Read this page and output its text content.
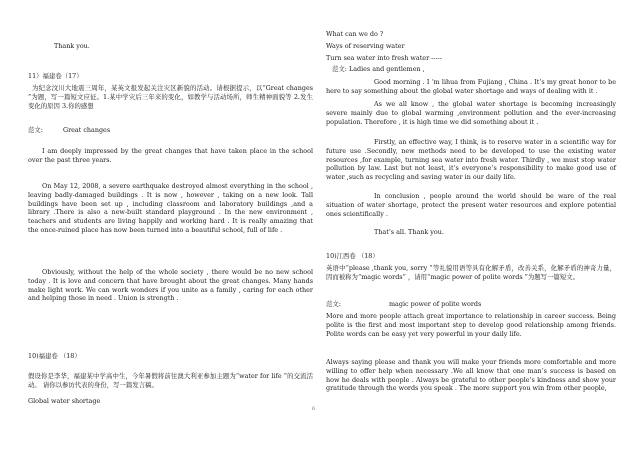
Thank you.

11）福建卷（17）

为纪念汶川大地震三周年，某英文报发起关注灾区新貌的活动。请根据提示，以“Great changes ”为题，写一篇短文应征。1.某中学灾后三年来的变化，如教学与活动场所，师生精神面貌等 2.发生变化的原因 3.你的感想

范文:	Great changes

I am deeply impressed by the great changes that have taken place in the school over the past three years.

On May 12, 2008, a severe earthquake destroyed almost everything in the school , leaving badly-damaged buildings . It is now , however , taking on a new look. Tall buildings have been set up , including classroom and laboratory buildings ,and a library .There is also a new-built standard playground . In the new environment , teachers and students are living happily and working hard . It is really amazing that the once-ruined place has now been turned into a beautiful school, full of life .

Obviously, without the help of the whole society , there would be no new school today . It is love and concern that have brought about the great changes. Many hands make light work. We can work wonders if you unite as a family , caring for each other and helping those in need . Union is strength .

10)福建卷 （18）

假设你是李华，福建某中学高中生，今年暑假将前往澳大利亚参加主题为“water for life ”的交流活动。 请你以参访代表的身份，写一篇发言稿。

Global water shortage

What can we do ?

Ways of reserving water

Turn sea water into fresh water -----

范文: Ladies and gentlemen ,

Good morning . I ‘m lihua from Fujiang , China . It’s my great honor to be here to say something about the global water shortage and ways of dealing with it .

As we all know , the global water shortage is becoming increasingly severe mainly due to global warming ,environment pollution and the ever-increasing population. Therefore , it is high time we did something about it .

Firstly, an effective way, I think, is to reserve water in a scientific way for future use .Secondly, new methods need to be developed to use the existing water resources ,for example, turning sea water into fresh water. Thirdly , we must stop water pollution by law. Last but not least, it’s everyone’s responsibility to make good use of water ,such as recycling and saving water in our daily life.

In conclusion , people around the world should be ware of the real situation of water shortage, protect the present water resources and explore potential ones scientifically .

That’s all. Thank you.

10)江西卷 （18）

英语中“please ,thank you, sorry ”等礼貌用语等具有化解矛盾，改善关系，化解矛盾的神奇力量， 因而被称为“magic words” ，请用“magic power of polite words ”为题写一篇短文。

范文:	magic power of polite words

More and more people attach great importance to relationship in career success. Being polite is the first and most important step to develop good relationship among friends. Polite words can be easy yet very powerful in your daily life.

Always saying please and thank you will make your friends more comfortable and more willing to offer help when necessary .We all know that one man’s success is based on how he deals with people . Always be grateful to other people’s kindness and show your gratitude through the words you speak . The more support you win from other people,

6
